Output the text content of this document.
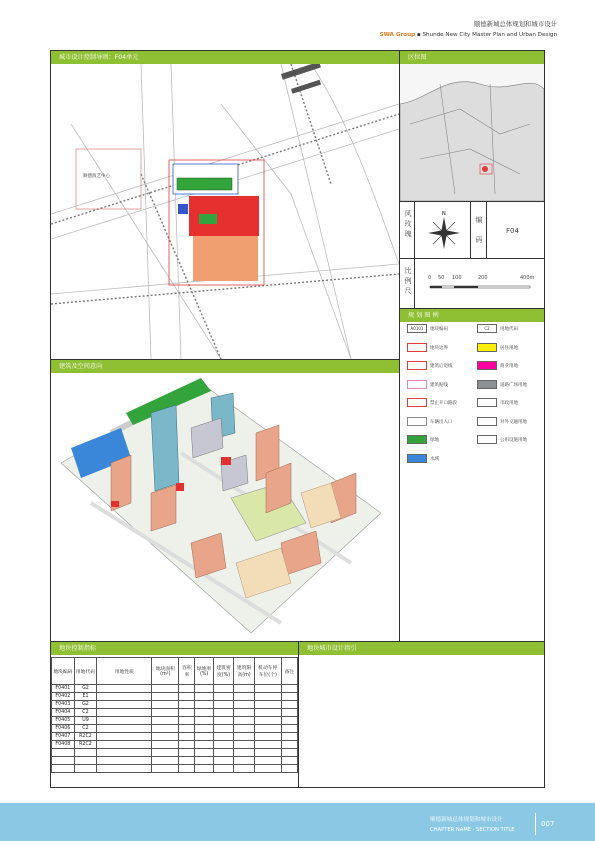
顺德新城总体规划和城市设计
SWA Group ▪ Shunde New City Master Plan and Urban Design
城市设计控制导则：F04单元	区位图
建筑及空间意向
规 划 图 例
地块控制指标	地块城市设计指引
顺德演艺中心
风
玫
瑰
N
编
码
F04
比
例
尺
0 50 100	200	400m
A0101 地块编码	C2 用地代码
地块边界	居住用地
建筑后退线	商业用地
建筑贴线	道路广场用地
禁止开口路段	市政用地
车辆出入口	对外交通用地
绿地	公用设施用地
水域
地块编码	用地代码	用地性质	地块面积(m²)	容积率	绿地率(%)	建筑密度(%)	建筑限高(m)	机动车停车位(个)	备注
F0401	G2								
F0402	E1								
F0403	G2								
F0404	C2								
F0405	U9								
F0406	C2								
F0407	R2C2								
F0408	R2C2								

顺德新城总体规划和城市设计
CHAPTER NAME · SECTION TITLE
007
